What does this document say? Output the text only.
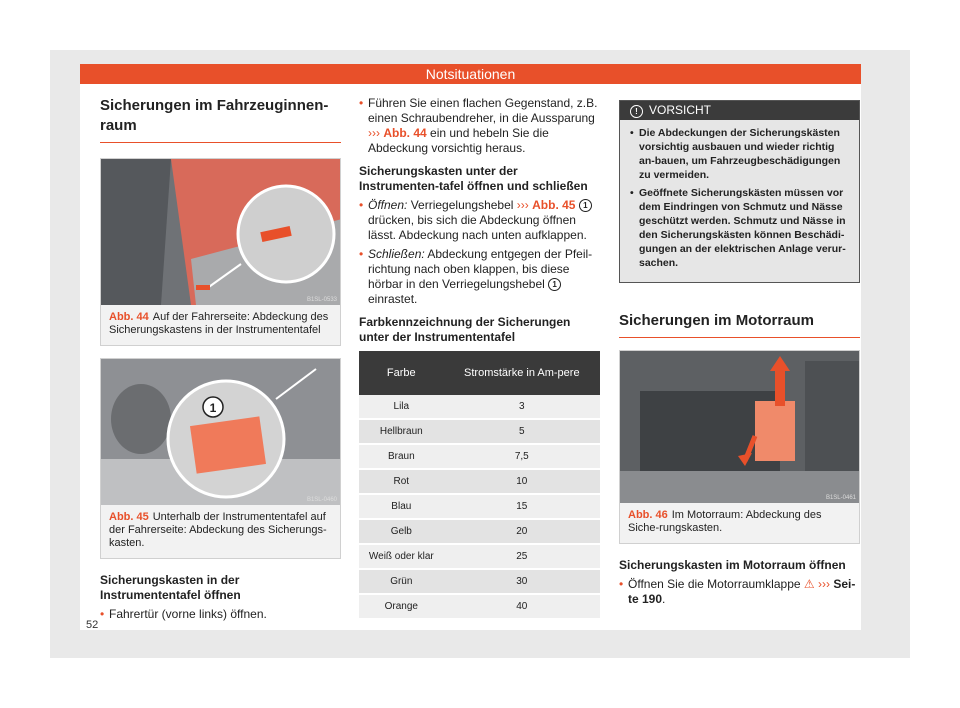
Notsituationen
Sicherungen im Fahrzeuginnen-raum
B1SL-0533
Abb. 44 Auf der Fahrerseite: Abdeckung des Sicherungskastens in der Instrumententafel
1
B1SL-0460
Abb. 45 Unterhalb der Instrumententafel auf der Fahrerseite: Abdeckung des Sicherungs-kasten.

Sicherungskasten in der Instrumententafel öffnen

• Fahrertür (vorne links) öffnen.

• Führen Sie einen flachen Gegenstand, z.B. einen Schraubendreher, in die Aussparung ››› Abb. 44 ein und hebeln Sie die Abdeckung vorsichtig heraus.

Sicherungskasten unter der Instrumenten-tafel öffnen und schließen

• Öffnen: Verriegelungshebel ››› Abb. 45 1 drücken, bis sich die Abdeckung öffnen lässt. Abdeckung nach unten aufklappen.

• Schließen: Abdeckung entgegen der Pfeil-richtung nach oben klappen, bis diese hörbar in den Verriegelungshebel 1 einrastet.

Farbkennzeichnung der Sicherungen unter der Instrumententafel

Farbe	Stromstärke in Am-pere
Lila	3
Hellbraun	5
Braun	7,5
Rot	10
Blau	15
Gelb	20
Weiß oder klar	25
Grün	30
Orange	40
! VORSICHT

• Die Abdeckungen der Sicherungskästen vorsichtig ausbauen und wieder richtig an-bauen, um Fahrzeugbeschädigungen zu vermeiden.

• Geöffnete Sicherungskästen müssen vor dem Eindringen von Schmutz und Nässe geschützt werden. Schmutz und Nässe in den Sicherungskästen können Beschädi-gungen an der elektrischen Anlage verur-sachen.

Sicherungen im Motorraum
B1SL-0461
Abb. 46 Im Motorraum: Abdeckung des Siche-rungskasten.

Sicherungskasten im Motorraum öffnen

• Öffnen Sie die Motorraumklappe ⚠ ››› Sei-te 190.

52
